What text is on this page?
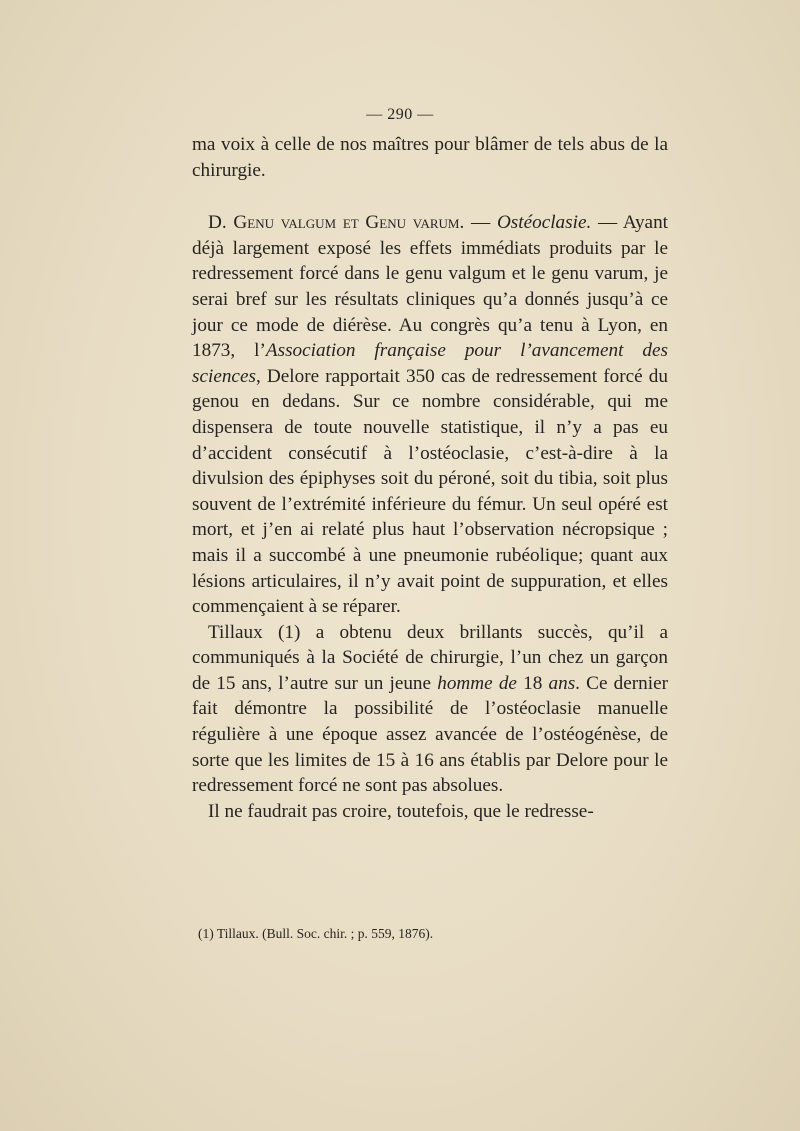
— 290 —

ma voix à celle de nos maîtres pour blâmer de tels abus de la chirurgie.

D. Genu valgum et Genu varum. — Ostéoclasie. — Ayant déjà largement exposé les effets immédiats produits par le redressement forcé dans le genu valgum et le genu varum, je serai bref sur les résultats cliniques qu’a donnés jusqu’à ce jour ce mode de diérèse. Au congrès qu’a tenu à Lyon, en 1873, l’Association française pour l’avancement des sciences, Delore rapportait 350 cas de redressement forcé du genou en dedans. Sur ce nombre considérable, qui me dispensera de toute nouvelle statistique, il n’y a pas eu d’accident consécutif à l’ostéoclasie, c’est-à-dire à la divulsion des épiphyses soit du péroné, soit du tibia, soit plus souvent de l’extrémité inférieure du fémur. Un seul opéré est mort, et j’en ai relaté plus haut l’observation nécropsique ; mais il a succombé à une pneumonie rubéolique; quant aux lésions articulaires, il n’y avait point de suppuration, et elles commençaient à se réparer.

Tillaux (1) a obtenu deux brillants succès, qu’il a communiqués à la Société de chirurgie, l’un chez un garçon de 15 ans, l’autre sur un jeune homme de 18 ans. Ce dernier fait démontre la possibilité de l’ostéoclasie manuelle régulière à une époque assez avancée de l’ostéogénèse, de sorte que les limites de 15 à 16 ans établis par Delore pour le redressement forcé ne sont pas absolues.

Il ne faudrait pas croire, toutefois, que le redresse-

(1) Tillaux. (Bull. Soc. chir. ; p. 559, 1876).
